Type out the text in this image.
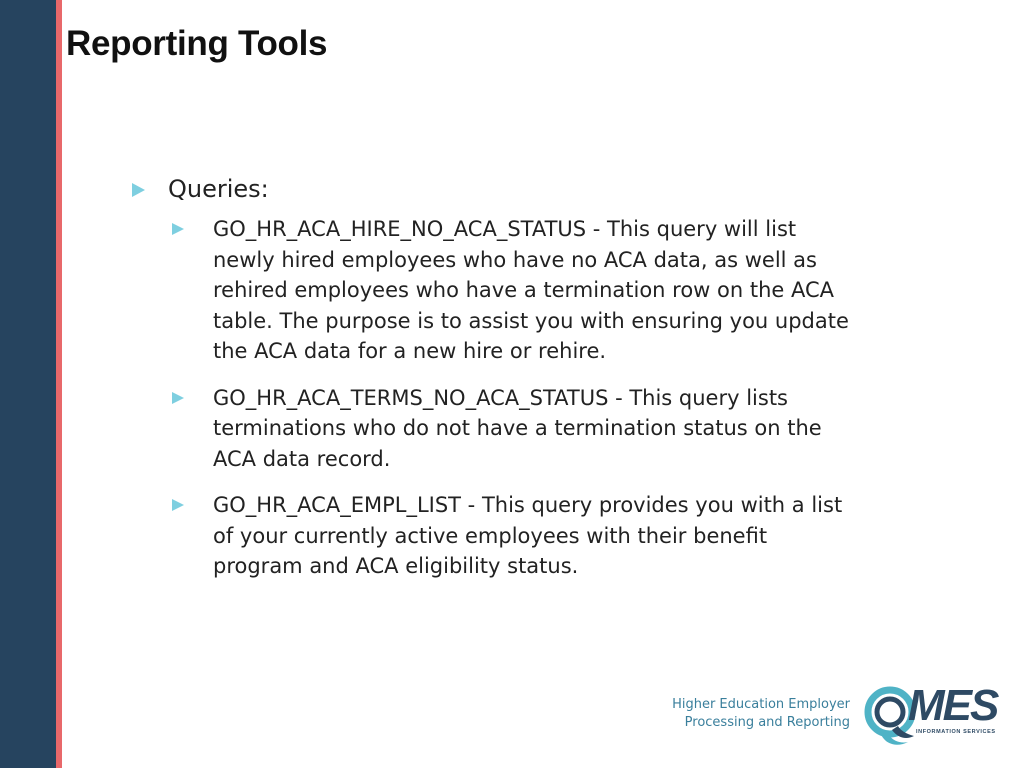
Reporting Tools
Queries:
GO_HR_ACA_HIRE_NO_ACA_STATUS - This query will list newly hired employees who have no ACA data, as well as rehired employees who have a termination row on the ACA table. The purpose is to assist you with ensuring you update the ACA data for a new hire or rehire.
GO_HR_ACA_TERMS_NO_ACA_STATUS - This query lists terminations who do not have a termination status on the ACA data record.
GO_HR_ACA_EMPL_LIST - This query provides you with a list of your currently active employees with their benefit program and ACA eligibility status.
Higher Education Employer
Processing and Reporting MES
INFORMATION SERVICES
